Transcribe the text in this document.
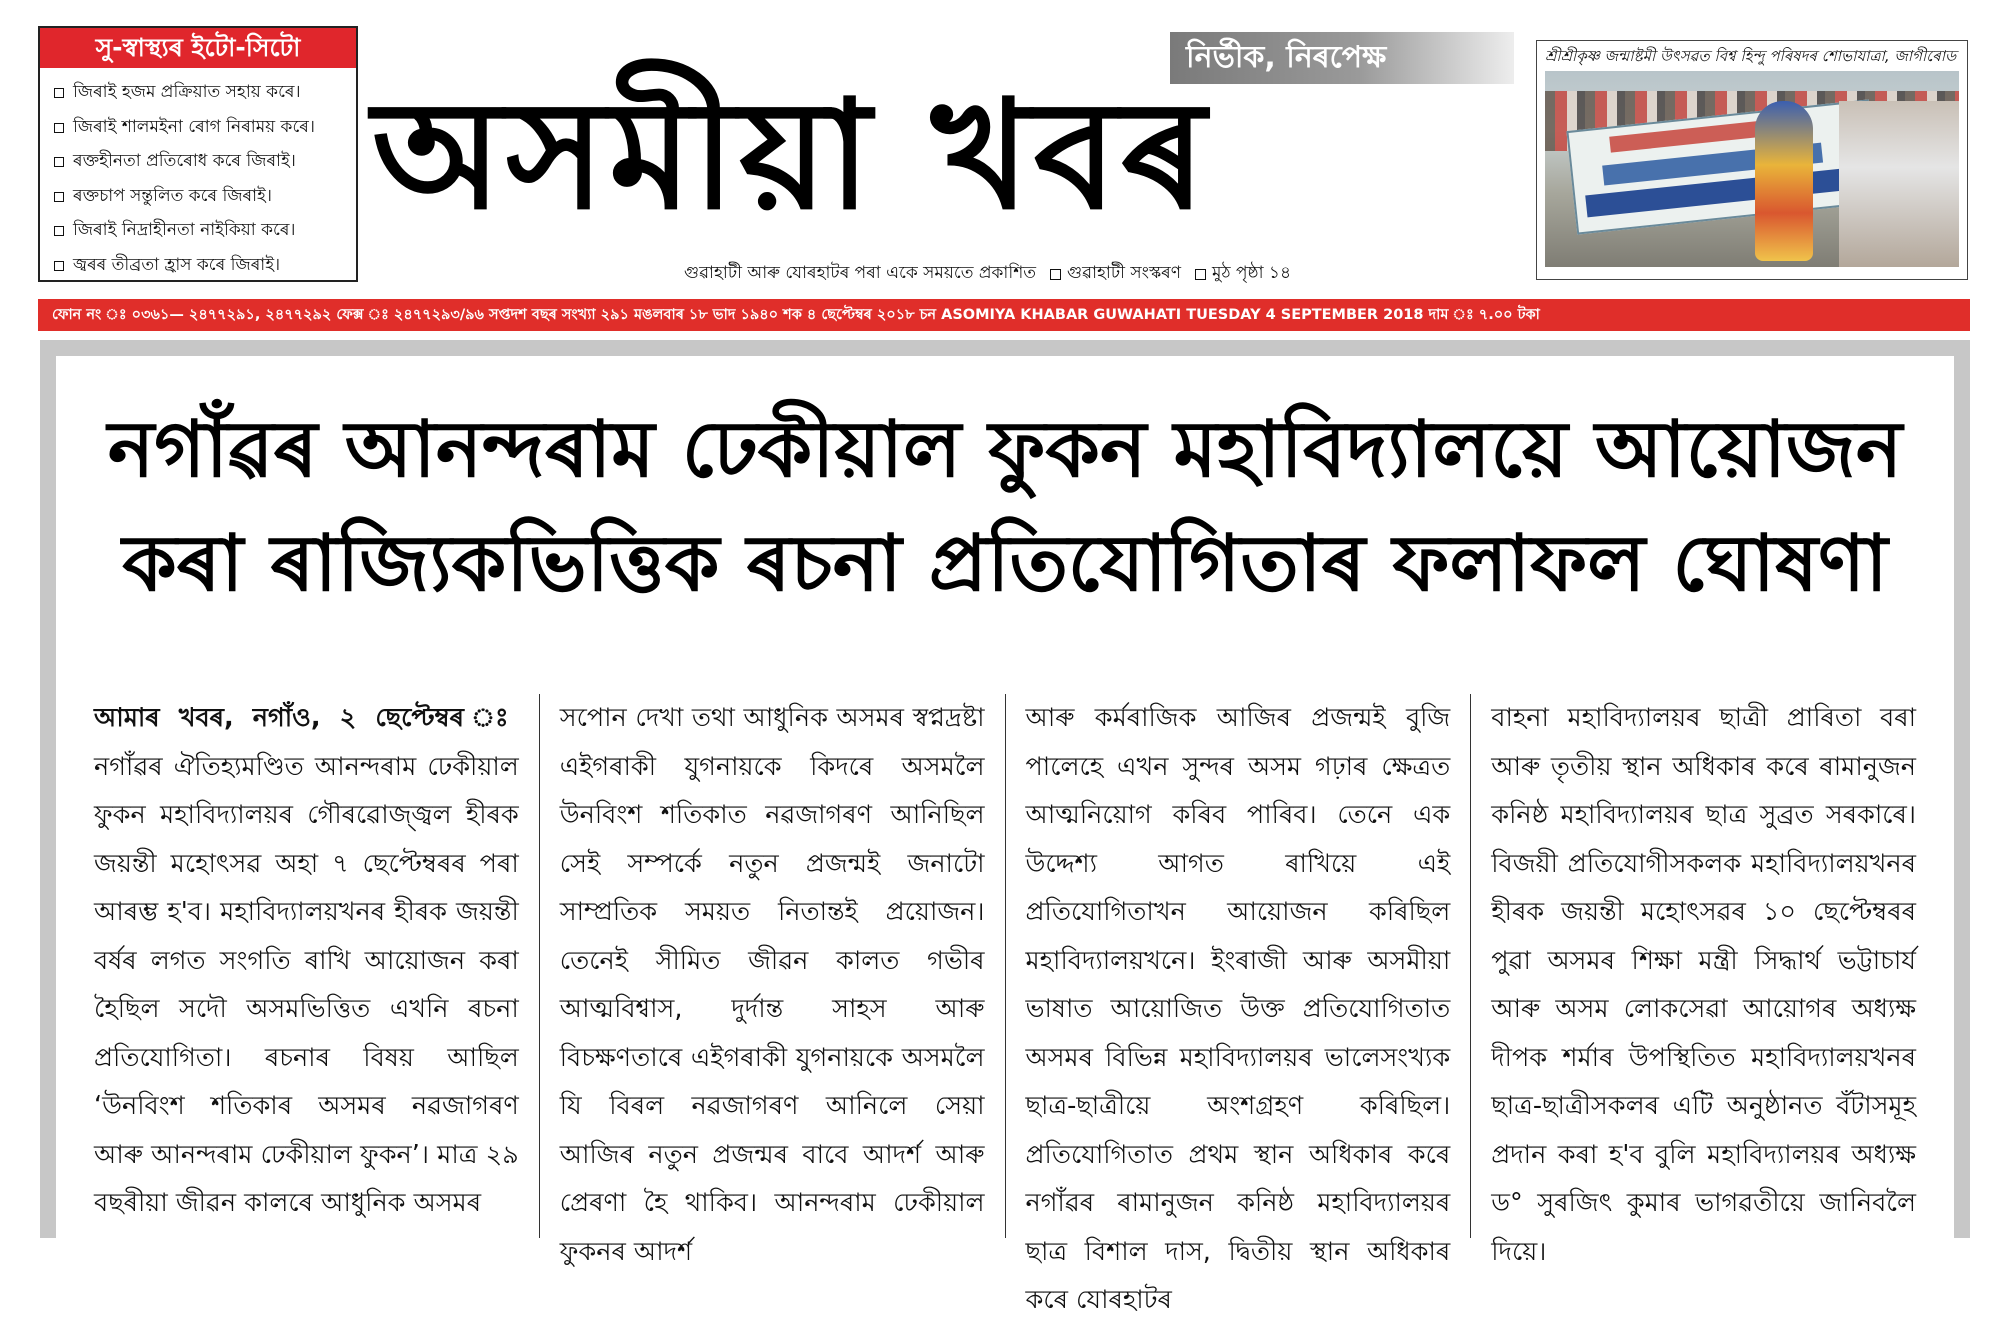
সু-স্বাস্থ্যৰ ইটো-সিটো
জিৰাই হজম প্ৰক্ৰিয়াত সহায় কৰে।
জিৰাই শালমইনা ৰোগ নিৰাময় কৰে।
ৰক্তহীনতা প্ৰতিৰোধ কৰে জিৰাই।
ৰক্তচাপ সন্তুলিত কৰে জিৰাই।
জিৰাই নিদ্ৰাহীনতা নাইকিয়া কৰে।
জ্বৰৰ তীব্ৰতা হ্ৰাস কৰে জিৰাই।
নিৰ্ভীক, নিৰপেক্ষ
অসমীয়া খবৰ
গুৱাহাটী আৰু যোৰহাটৰ পৰা একে সময়তে প্ৰকাশিত গুৱাহাটী সংস্কৰণ মুঠ পৃষ্ঠা ১৪
শ্ৰীশ্ৰীকৃষ্ণ জন্মাষ্টমী উৎসৱত বিশ্ব হিন্দু পৰিষদৰ শোভাযাত্ৰা, জাগীৰোড
ফোন নং ঃ ০৩৬১— ২৪৭৭২৯১, ২৪৭৭২৯২ ফেক্স ঃ ২৪৭৭২৯৩/৯৬ সপ্তদশ বছৰ সংখ্যা ২৯১ মঙলবাৰ ১৮ ভাদ ১৯৪০ শক ৪ ছেপ্টেম্বৰ ২০১৮ চন ASOMIYA KHABAR GUWAHATI TUESDAY 4 SEPTEMBER 2018 দাম ঃ ৭.০০ টকা
নগাঁৱৰ আনন্দৰাম ঢেকীয়াল ফুকন মহাবিদ্যালয়ে আয়োজন
কৰা ৰাজ্যিকভিত্তিক ৰচনা প্ৰতিযোগিতাৰ ফলাফল ঘোষণা

আমাৰ খবৰ, নগাঁও, ২ ছেপ্টেম্বৰ ঃ নগাঁৱৰ ঐতিহ্যমণ্ডিত আনন্দৰাম ঢেকীয়াল ফুকন মহাবিদ্যালয়ৰ গৌৰৱোজ্জ্বল হীৰক জয়ন্তী মহোৎসৱ অহা ৭ ছেপ্টেম্বৰৰ পৰা আৰম্ভ হ'ব। মহাবিদ্যালয়খনৰ হীৰক জয়ন্তী বৰ্ষৰ লগত সংগতি ৰাখি আয়োজন কৰা হৈছিল সদৌ অসমভিত্তিত এখনি ৰচনা প্ৰতিযোগিতা। ৰচনাৰ বিষয় আছিল ‘উনবিংশ শতিকাৰ অসমৰ নৱজাগৰণ আৰু আনন্দৰাম ঢেকীয়াল ফুকন’। মাত্ৰ ২৯ বছৰীয়া জীৱন কালৰে আধুনিক অসমৰ

সপোন দেখা তথা আধুনিক অসমৰ স্বপ্নদ্ৰষ্টা এইগৰাকী যুগনায়কে কিদৰে অসমলৈ উনবিংশ শতিকাত নৱজাগৰণ আনিছিল সেই সম্পৰ্কে নতুন প্ৰজন্মই জনাটো সাম্প্ৰতিক সময়ত নিতান্তই প্ৰয়োজন। তেনেই সীমিত জীৱন কালত গভীৰ আত্মবিশ্বাস, দুৰ্দান্ত সাহস আৰু বিচক্ষণতাৰে এইগৰাকী যুগনায়কে অসমলৈ যি বিৰল নৱজাগৰণ আনিলে সেয়া আজিৰ নতুন প্ৰজন্মৰ বাবে আদৰ্শ আৰু প্ৰেৰণা হৈ থাকিব। আনন্দৰাম ঢেকীয়াল ফুকনৰ আদৰ্শ

আৰু কৰ্মৰাজিক আজিৰ প্ৰজন্মই বুজি পালেহে এখন সুন্দৰ অসম গঢ়াৰ ক্ষেত্ৰত আত্মনিয়োগ কৰিব পাৰিব। তেনে এক উদ্দেশ্য আগত ৰাখিয়ে এই প্ৰতিযোগিতাখন আয়োজন কৰিছিল মহাবিদ্যালয়খনে। ইংৰাজী আৰু অসমীয়া ভাষাত আয়োজিত উক্ত প্ৰতিযোগিতাত অসমৰ বিভিন্ন মহাবিদ্যালয়ৰ ভালেসংখ্যক ছাত্ৰ-ছাত্ৰীয়ে অংশগ্ৰহণ কৰিছিল। প্ৰতিযোগিতাত প্ৰথম স্থান অধিকাৰ কৰে নগাঁৱৰ ৰামানুজন কনিষ্ঠ মহাবিদ্যালয়ৰ ছাত্ৰ বিশাল দাস, দ্বিতীয় স্থান অধিকাৰ কৰে যোৰহাটৰ

বাহনা মহাবিদ্যালয়ৰ ছাত্ৰী প্ৰাৰিতা বৰা আৰু তৃতীয় স্থান অধিকাৰ কৰে ৰামানুজন কনিষ্ঠ মহাবিদ্যালয়ৰ ছাত্ৰ সুব্ৰত সৰকাৰে। বিজয়ী প্ৰতিযোগীসকলক মহাবিদ্যালয়খনৰ হীৰক জয়ন্তী মহোৎসৱৰ ১০ ছেপ্টেম্বৰৰ পুৱা অসমৰ শিক্ষা মন্ত্ৰী সিদ্ধাৰ্থ ভট্টাচাৰ্য আৰু অসম লোকসেৱা আয়োগৰ অধ্যক্ষ দীপক শৰ্মাৰ উপস্থিতিত মহাবিদ্যালয়খনৰ ছাত্ৰ-ছাত্ৰীসকলৰ এটি অনুষ্ঠানত বঁটাসমূহ প্ৰদান কৰা হ'ব বুলি মহাবিদ্যালয়ৰ অধ্যক্ষ ড° সুৰজিৎ কুমাৰ ভাগৱতীয়ে জানিবলৈ দিয়ে।
